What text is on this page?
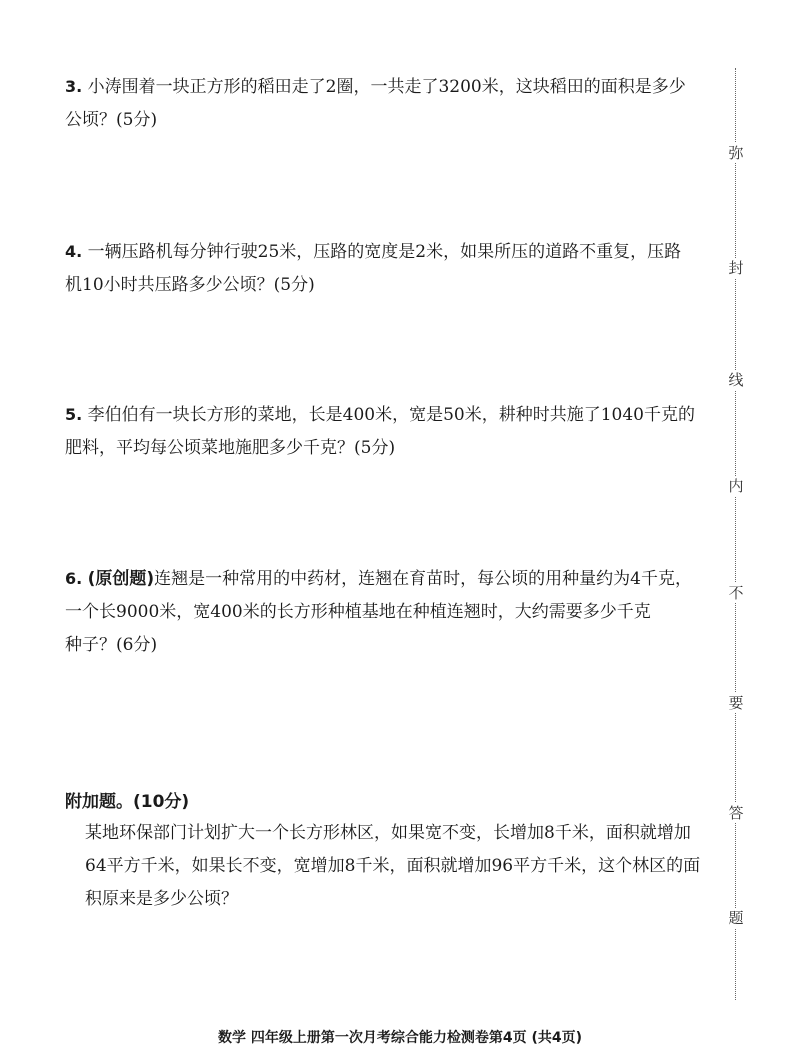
3. 小涛围着一块正方形的稻田走了2圈，一共走了3200米，这块稻田的面积是多少
公顷？(5分)
4. 一辆压路机每分钟行驶25米，压路的宽度是2米，如果所压的道路不重复，压路
机10小时共压路多少公顷？(5分)
5. 李伯伯有一块长方形的菜地，长是400米，宽是50米，耕种时共施了1040千克的
肥料，平均每公顷菜地施肥多少千克？(5分)
6. (原创题)连翘是一种常用的中药材，连翘在育苗时，每公顷的用种量约为4千克，
一个长9000米，宽400米的长方形种植基地在种植连翘时，大约需要多少千克
种子？(6分)
附加题。(10分)
某地环保部门计划扩大一个长方形林区，如果宽不变，长增加8千米，面积就增加
64平方千米，如果长不变，宽增加8千米，面积就增加96平方千米，这个林区的面
积原来是多少公顷？
弥
封
线
内
不
要
答
题
数学 四年级上册第一次月考综合能力检测卷第4页 (共4页)
